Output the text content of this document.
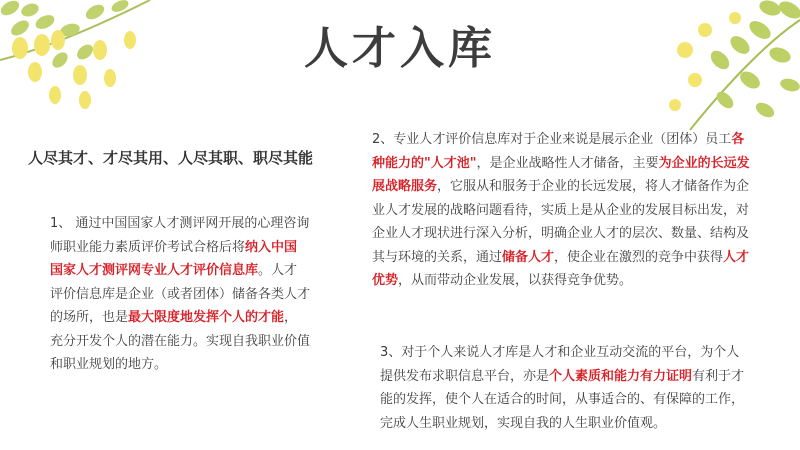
人才入库
人尽其才、才尽其用、人尽其职、职尽其能
1、 通过中国国家人才测评网开展的心理咨询师职业能力素质评价考试合格后将纳入中国国家人才测评网专业人才评价信息库。人才评价信息库是企业（或者团体）储备各类人才的场所，也是最大限度地发挥个人的才能，充分开发个人的潜在能力。实现自我职业价值和职业规划的地方。
2、专业人才评价信息库对于企业来说是展示企业（团体）员工各种能力的"人才池"，是企业战略性人才储备，主要为企业的长远发展战略服务，它服从和服务于企业的长远发展，将人才储备作为企业人才发展的战略问题看待，实质上是从企业的发展目标出发，对企业人才现状进行深入分析，明确企业人才的层次、数量、结构及其与环境的关系，通过储备人才，使企业在激烈的竞争中获得人才优势，从而带动企业发展，以获得竞争优势。
3、对于个人来说人才库是人才和企业互动交流的平台，为个人提供发布求职信息平台，亦是个人素质和能力有力证明有利于才能的发挥，使个人在适合的时间，从事适合的、有保障的工作，完成人生职业规划，实现自我的人生职业价值观。
